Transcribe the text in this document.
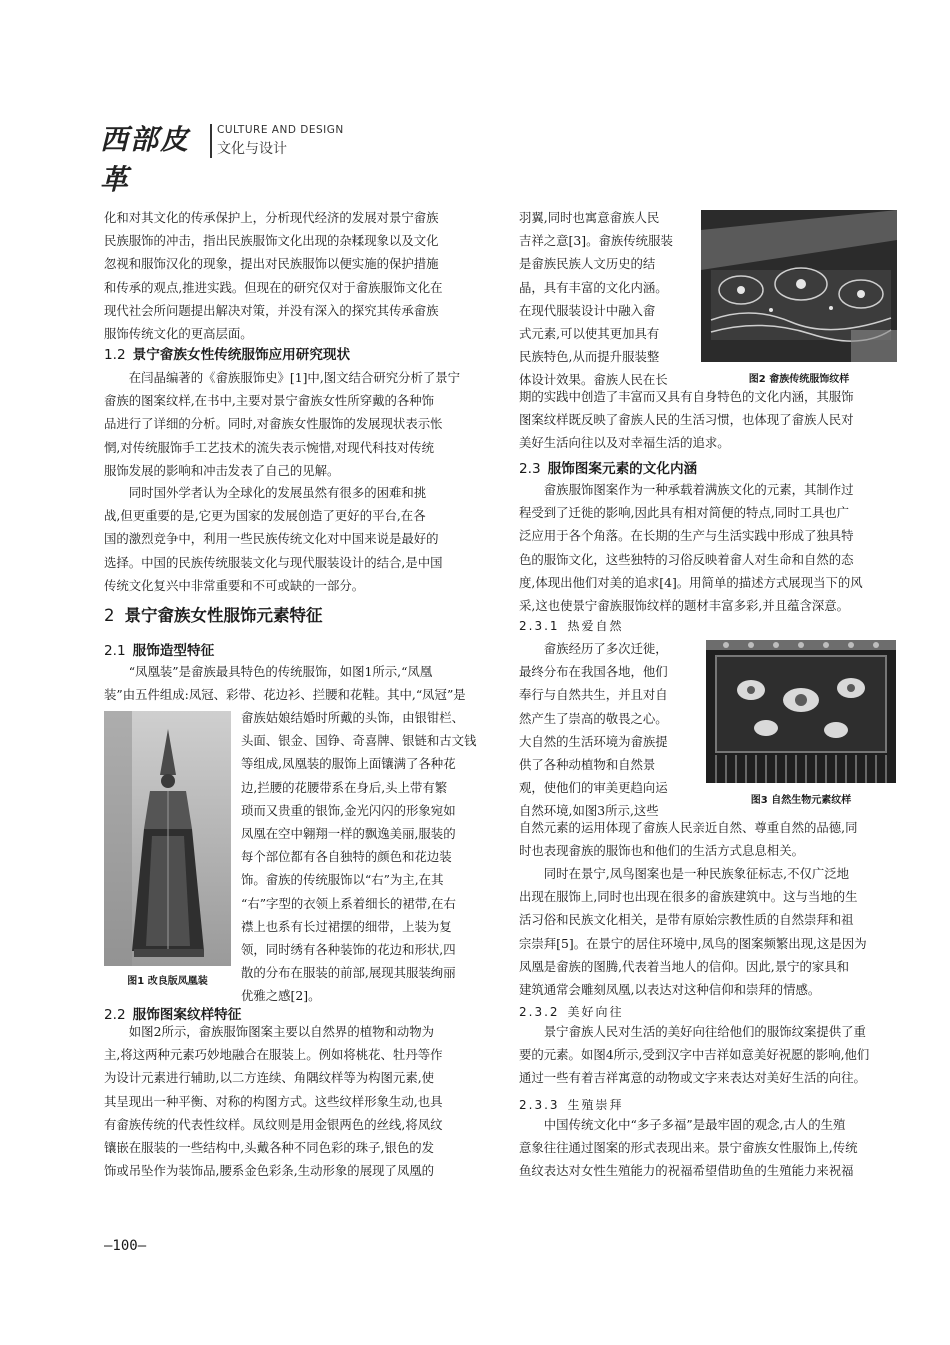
西部皮革
CULTURE AND DESIGN
文化与设计
化和对其文化的传承保护上，分析现代经济的发展对景宁畲族
民族服饰的冲击，指出民族服饰文化出现的杂糅现象以及文化
忽视和服饰汉化的现象，提出对民族服饰以便实施的保护措施
和传承的观点,推进实践。但现在的研究仅对于畲族服饰文化在
现代社会所问题提出解决对策，并没有深入的探究其传承畲族
服饰传统文化的更高层面。
1.2 景宁畲族女性传统服饰应用研究现状
在闫晶编著的《畲族服饰史》[1]中,图文结合研究分析了景宁
畲族的图案纹样,在书中,主要对景宁畲族女性所穿戴的各种饰
品进行了详细的分析。同时,对畲族女性服饰的发展现状表示怅
惘,对传统服饰手工艺技术的流失表示惋惜,对现代科技对传统
服饰发展的影响和冲击发表了自己的见解。
同时国外学者认为全球化的发展虽然有很多的困难和挑
战,但更重要的是,它更为国家的发展创造了更好的平台,在各
国的激烈竞争中，利用一些民族传统文化对中国来说是最好的
选择。中国的民族传统服装文化与现代服装设计的结合,是中国
传统文化复兴中非常重要和不可或缺的一部分。
2 景宁畲族女性服饰元素特征
2.1 服饰造型特征
“凤凰装”是畲族最具特色的传统服饰，如图1所示,“凤凰
装”由五件组成:凤冠、彩带、花边衫、拦腰和花鞋。其中,“凤冠”是
畲族姑娘结婚时所戴的头饰，由银钳栏、
头面、银金、国铮、奇喜牌、银链和古文钱
等组成,凤凰装的服饰上面镶满了各种花
边,拦腰的花腰带系在身后,头上带有繁
琐而又贵重的银饰,金光闪闪的形象宛如
凤凰在空中翱翔一样的飘逸美丽,服装的
每个部位都有各自独特的颜色和花边装
饰。畲族的传统服饰以“右”为主,在其
“右”字型的衣领上系着细长的裙带,在右
襟上也系有长过裙摆的细带，上装为复
领，同时绣有各种装饰的花边和形状,四
散的分布在服装的前部,展现其服装绚丽
优雅之感[2]。
图1 改良版凤凰装
2.2 服饰图案纹样特征
如图2所示，畲族服饰图案主要以自然界的植物和动物为
主,将这两种元素巧妙地融合在服装上。例如将桃花、牡丹等作
为设计元素进行辅助,以二方连续、角隅纹样等为构图元素,使
其呈现出一种平衡、对称的构图方式。这些纹样形象生动,也具
有畲族传统的代表性纹样。凤纹则是用金银两色的丝线,将凤纹
镶嵌在服装的一些结构中,头戴各种不同色彩的珠子,银色的发
饰或吊坠作为装饰品,腰系金色彩条,生动形象的展现了凤凰的
羽翼,同时也寓意畲族人民
吉祥之意[3]。畲族传统服装
是畲族民族人文历史的结
晶，具有丰富的文化内涵。
在现代服装设计中融入畲
式元素,可以使其更加具有
民族特色,从而提升服装整
体设计效果。畲族人民在长	图2 畲族传统服饰纹样
期的实践中创造了丰富而又具有自身特色的文化内涵，其服饰
图案纹样既反映了畲族人民的生活习惯，也体现了畲族人民对
美好生活向往以及对幸福生活的追求。
2.3 服饰图案元素的文化内涵
畲族服饰图案作为一种承载着满族文化的元素，其制作过
程受到了迁徙的影响,因此具有相对简便的特点,同时工具也广
泛应用于各个角落。在长期的生产与生活实践中形成了独具特
色的服饰文化，这些独特的习俗反映着畲人对生命和自然的态
度,体现出他们对美的追求[4]。用简单的描述方式展现当下的风
采,这也使景宁畲族服饰纹样的题材丰富多彩,并且蕴含深意。
2.3.1 热爱自然
畲族经历了多次迁徙，
最终分布在我国各地，他们
奉行与自然共生，并且对自
然产生了崇高的敬畏之心。
大自然的生活环境为畲族提
供了各种动植物和自然景
观，使他们的审美更趋向运
自然环境,如图3所示,这些
图3 自然生物元素纹样
自然元素的运用体现了畲族人民亲近自然、尊重自然的品德,同
时也表现畲族的服饰也和他们的生活方式息息相关。
同时在景宁,凤鸟图案也是一种民族象征标志,不仅广泛地
出现在服饰上,同时也出现在很多的畲族建筑中。这与当地的生
活习俗和民族文化相关，是带有原始宗教性质的自然崇拜和祖
宗崇拜[5]。在景宁的居住环境中,凤鸟的图案频繁出现,这是因为
凤凰是畲族的图腾,代表着当地人的信仰。因此,景宁的家具和
建筑通常会雕刻凤凰,以表达对这种信仰和崇拜的情感。
2.3.2 美好向往
景宁畲族人民对生活的美好向往给他们的服饰纹案提供了重
要的元素。如图4所示,受到汉字中吉祥如意美好祝愿的影响,他们
通过一些有着吉祥寓意的动物或文字来表达对美好生活的向往。
2.3.3 生殖崇拜
中国传统文化中“多子多福”是最牢固的观念,古人的生殖
意象往往通过图案的形式表现出来。景宁畲族女性服饰上,传统
鱼纹表达对女性生殖能力的祝福希望借助鱼的生殖能力来祝福
—100—
